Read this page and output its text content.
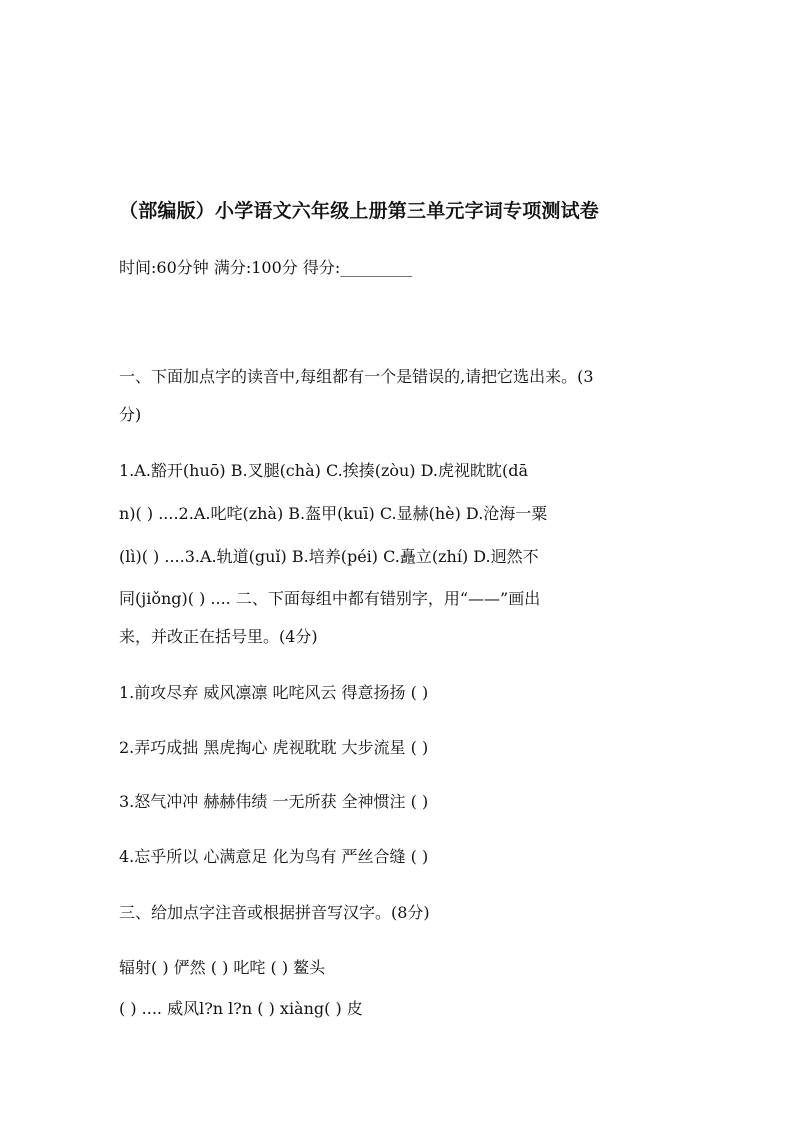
（部编版）小学语文六年级上册第三单元字词专项测试卷
时间:60分钟 满分:100分 得分:_________
一、下面加点字的读音中,每组都有一个是错误的,请把它选出来。(3
分)
1.A.豁开(huō) B.叉腿(chà) C.挨揍(zòu) D.虎视眈眈(dā
n)( ) ....2.A.叱咤(zhà) B.盔甲(kuī) C.显赫(hè) D.沧海一粟
(lì)( ) ....3.A.轨道(guǐ) B.培养(péi) C.矗立(zhí) D.迥然不
同(jiǒng)( ) .... 二、下面每组中都有错别字，用“——”画出
来，并改正在括号里。(4分)
1.前攻尽弃 威风凛凛 叱咤风云 得意扬扬 ( )
2.弄巧成拙 黑虎掏心 虎视耽耽 大步流星 ( )
3.怒气冲冲 赫赫伟绩 一无所获 全神惯注 ( )
4.忘乎所以 心满意足 化为鸟有 严丝合缝 ( )
三、给加点字注音或根据拼音写汉字。(8分)
辐射( ) 俨然 ( ) 叱咤 ( ) 鳌头
( ) .... 威风l?n l?n ( ) xiàng( ) 皮
